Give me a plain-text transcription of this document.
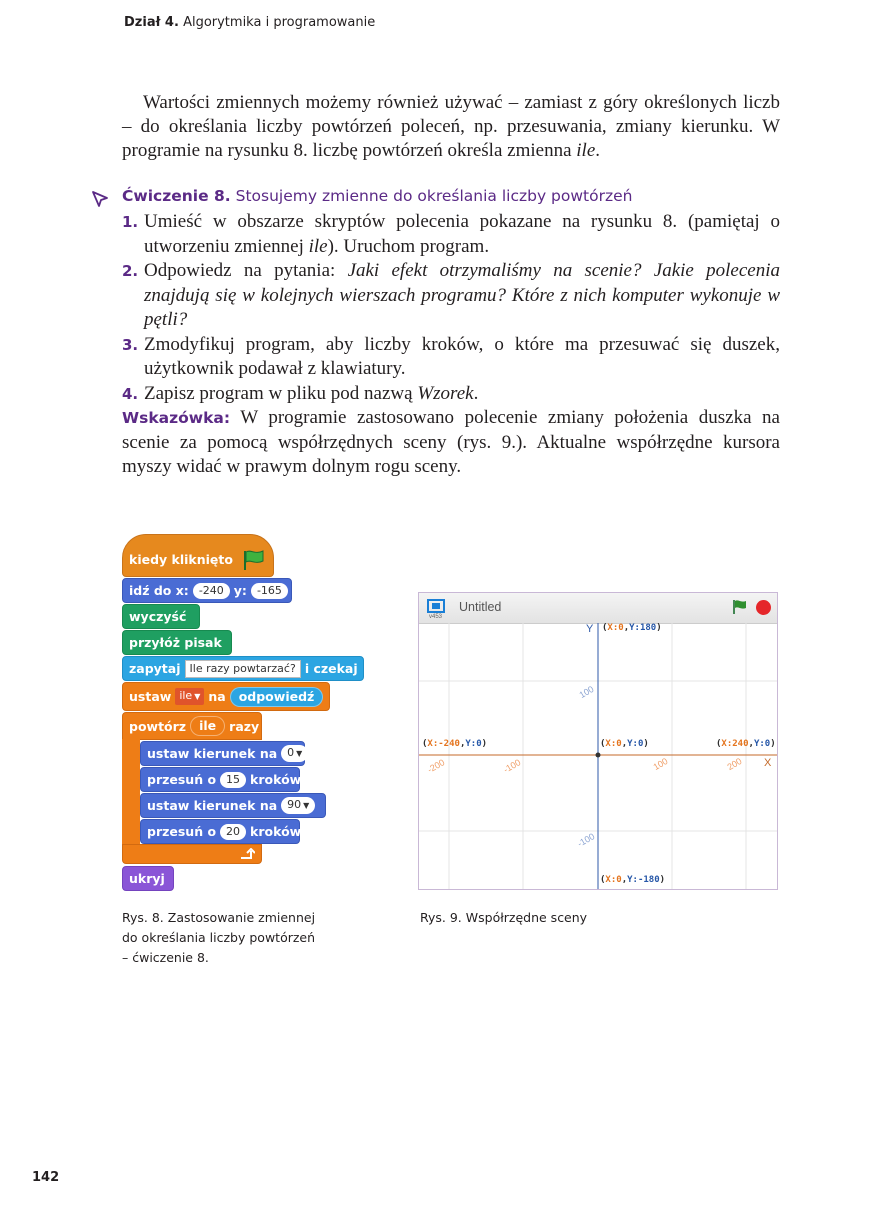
Dział 4. Algorytmika i programowanie

Wartości zmiennych możemy również używać – zamiast z góry określonych liczb – do określania liczby powtórzeń poleceń, np. przesuwania, zmiany kierunku. W programie na rysunku 8. liczbę powtórzeń określa zmienna ile.

Ćwiczenie 8. Stosujemy zmienne do określania liczby powtórzeń
1. Umieść w obszarze skryptów polecenia pokazane na rysunku 8. (pamiętaj o utworzeniu zmiennej ile). Uruchom program.
2. Odpowiedz na pytania: Jaki efekt otrzymaliśmy na scenie? Jakie polecenia znajdują się w kolejnych wierszach programu? Które z nich komputer wykonuje w pętli?
3. Zmodyfikuj program, aby liczby kroków, o które ma przesuwać się duszek, użytkownik podawał z klawiatury.
4. Zapisz program w pliku pod nazwą Wzorek.
Wskazówka: W programie zastosowano polecenie zmiany położenia duszka na scenie za pomocą współrzędnych sceny (rys. 9.). Aktualne współrzędne kursora myszy widać w prawym dolnym rogu sceny.
kiedy kliknięto
idź do x: -240 y: -165
wyczyść
przyłóż pisak
zapytaj Ile razy powtarzać? i czekaj
ustaw ile ▼ na	odpowiedź
powtórz	ile	razy
ustaw kierunek na 0 ▼
przesuń o 15 kroków
ustaw kierunek na 90 ▼
przesuń o 20 kroków
ukryj
Untitled
v453
Y
X
(X:0,Y:180)
(X:-240,Y:0)	(X:0,Y:0)	(X:240,Y:0)
(X:0,Y:-180)
-200	-100	100	200
100
-100
Rys. 8. Zastosowanie zmiennej
do określania liczby powtórzeń
– ćwiczenie 8.
Rys. 9. Współrzędne sceny
142
